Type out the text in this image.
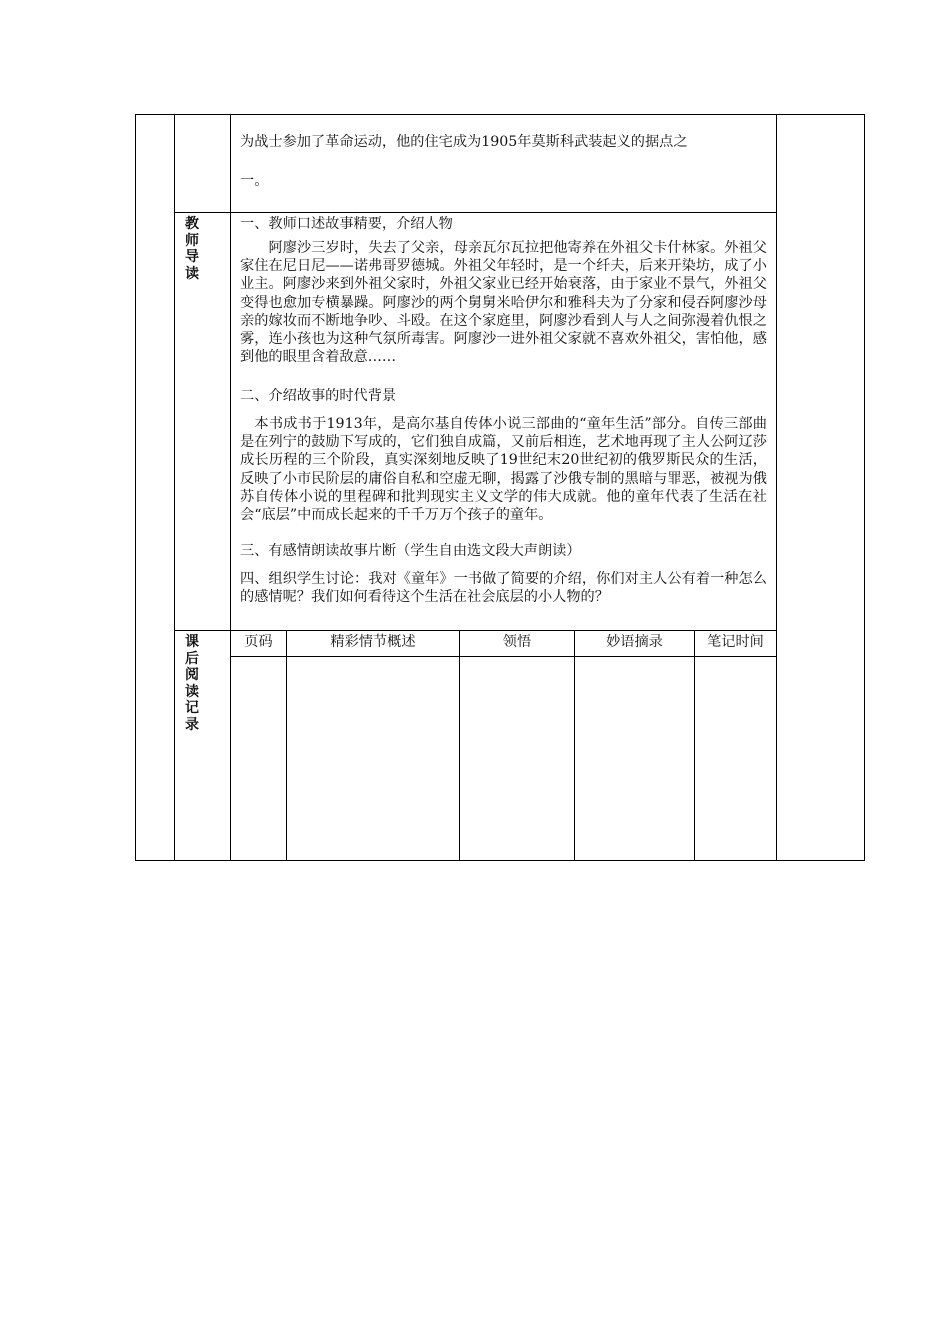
为战士参加了革命运动，他的住宅成为1905年莫斯科武装起义的据点之
一。
教师导读
一、教师口述故事精要，介绍人物
　　阿廖沙三岁时，失去了父亲，母亲瓦尔瓦拉把他寄养在外祖父卡什林家。外祖父家住在尼日尼——诺弗哥罗德城。外祖父年轻时，是一个纤夫，后来开染坊，成了小业主。阿廖沙来到外祖父家时，外祖父家业已经开始衰落，由于家业不景气，外祖父变得也愈加专横暴躁。阿廖沙的两个舅舅米哈伊尔和雅科夫为了分家和侵吞阿廖沙母亲的嫁妆而不断地争吵、斗殴。在这个家庭里，阿廖沙看到人与人之间弥漫着仇恨之雾，连小孩也为这种气氛所毒害。阿廖沙一进外祖父家就不喜欢外祖父，害怕他，感到他的眼里含着敌意……
二、介绍故事的时代背景
　本书成书于1913年，是高尔基自传体小说三部曲的“童年生活”部分。自传三部曲是在列宁的鼓励下写成的，它们独自成篇，又前后相连，艺术地再现了主人公阿辽莎成长历程的三个阶段，真实深刻地反映了19世纪末20世纪初的俄罗斯民众的生活，反映了小市民阶层的庸俗自私和空虚无聊，揭露了沙俄专制的黑暗与罪恶，被视为俄苏自传体小说的里程碑和批判现实主义文学的伟大成就。他的童年代表了生活在社会“底层”中而成长起来的千千万万个孩子的童年。
三、有感情朗读故事片断（学生自由选文段大声朗读）
四、组织学生讨论：我对《童年》一书做了简要的介绍，你们对主人公有着一种怎么的感情呢？我们如何看待这个生活在社会底层的小人物的？
课后阅读记录
页码	精彩情节概述	领悟	妙语摘录	笔记时间
